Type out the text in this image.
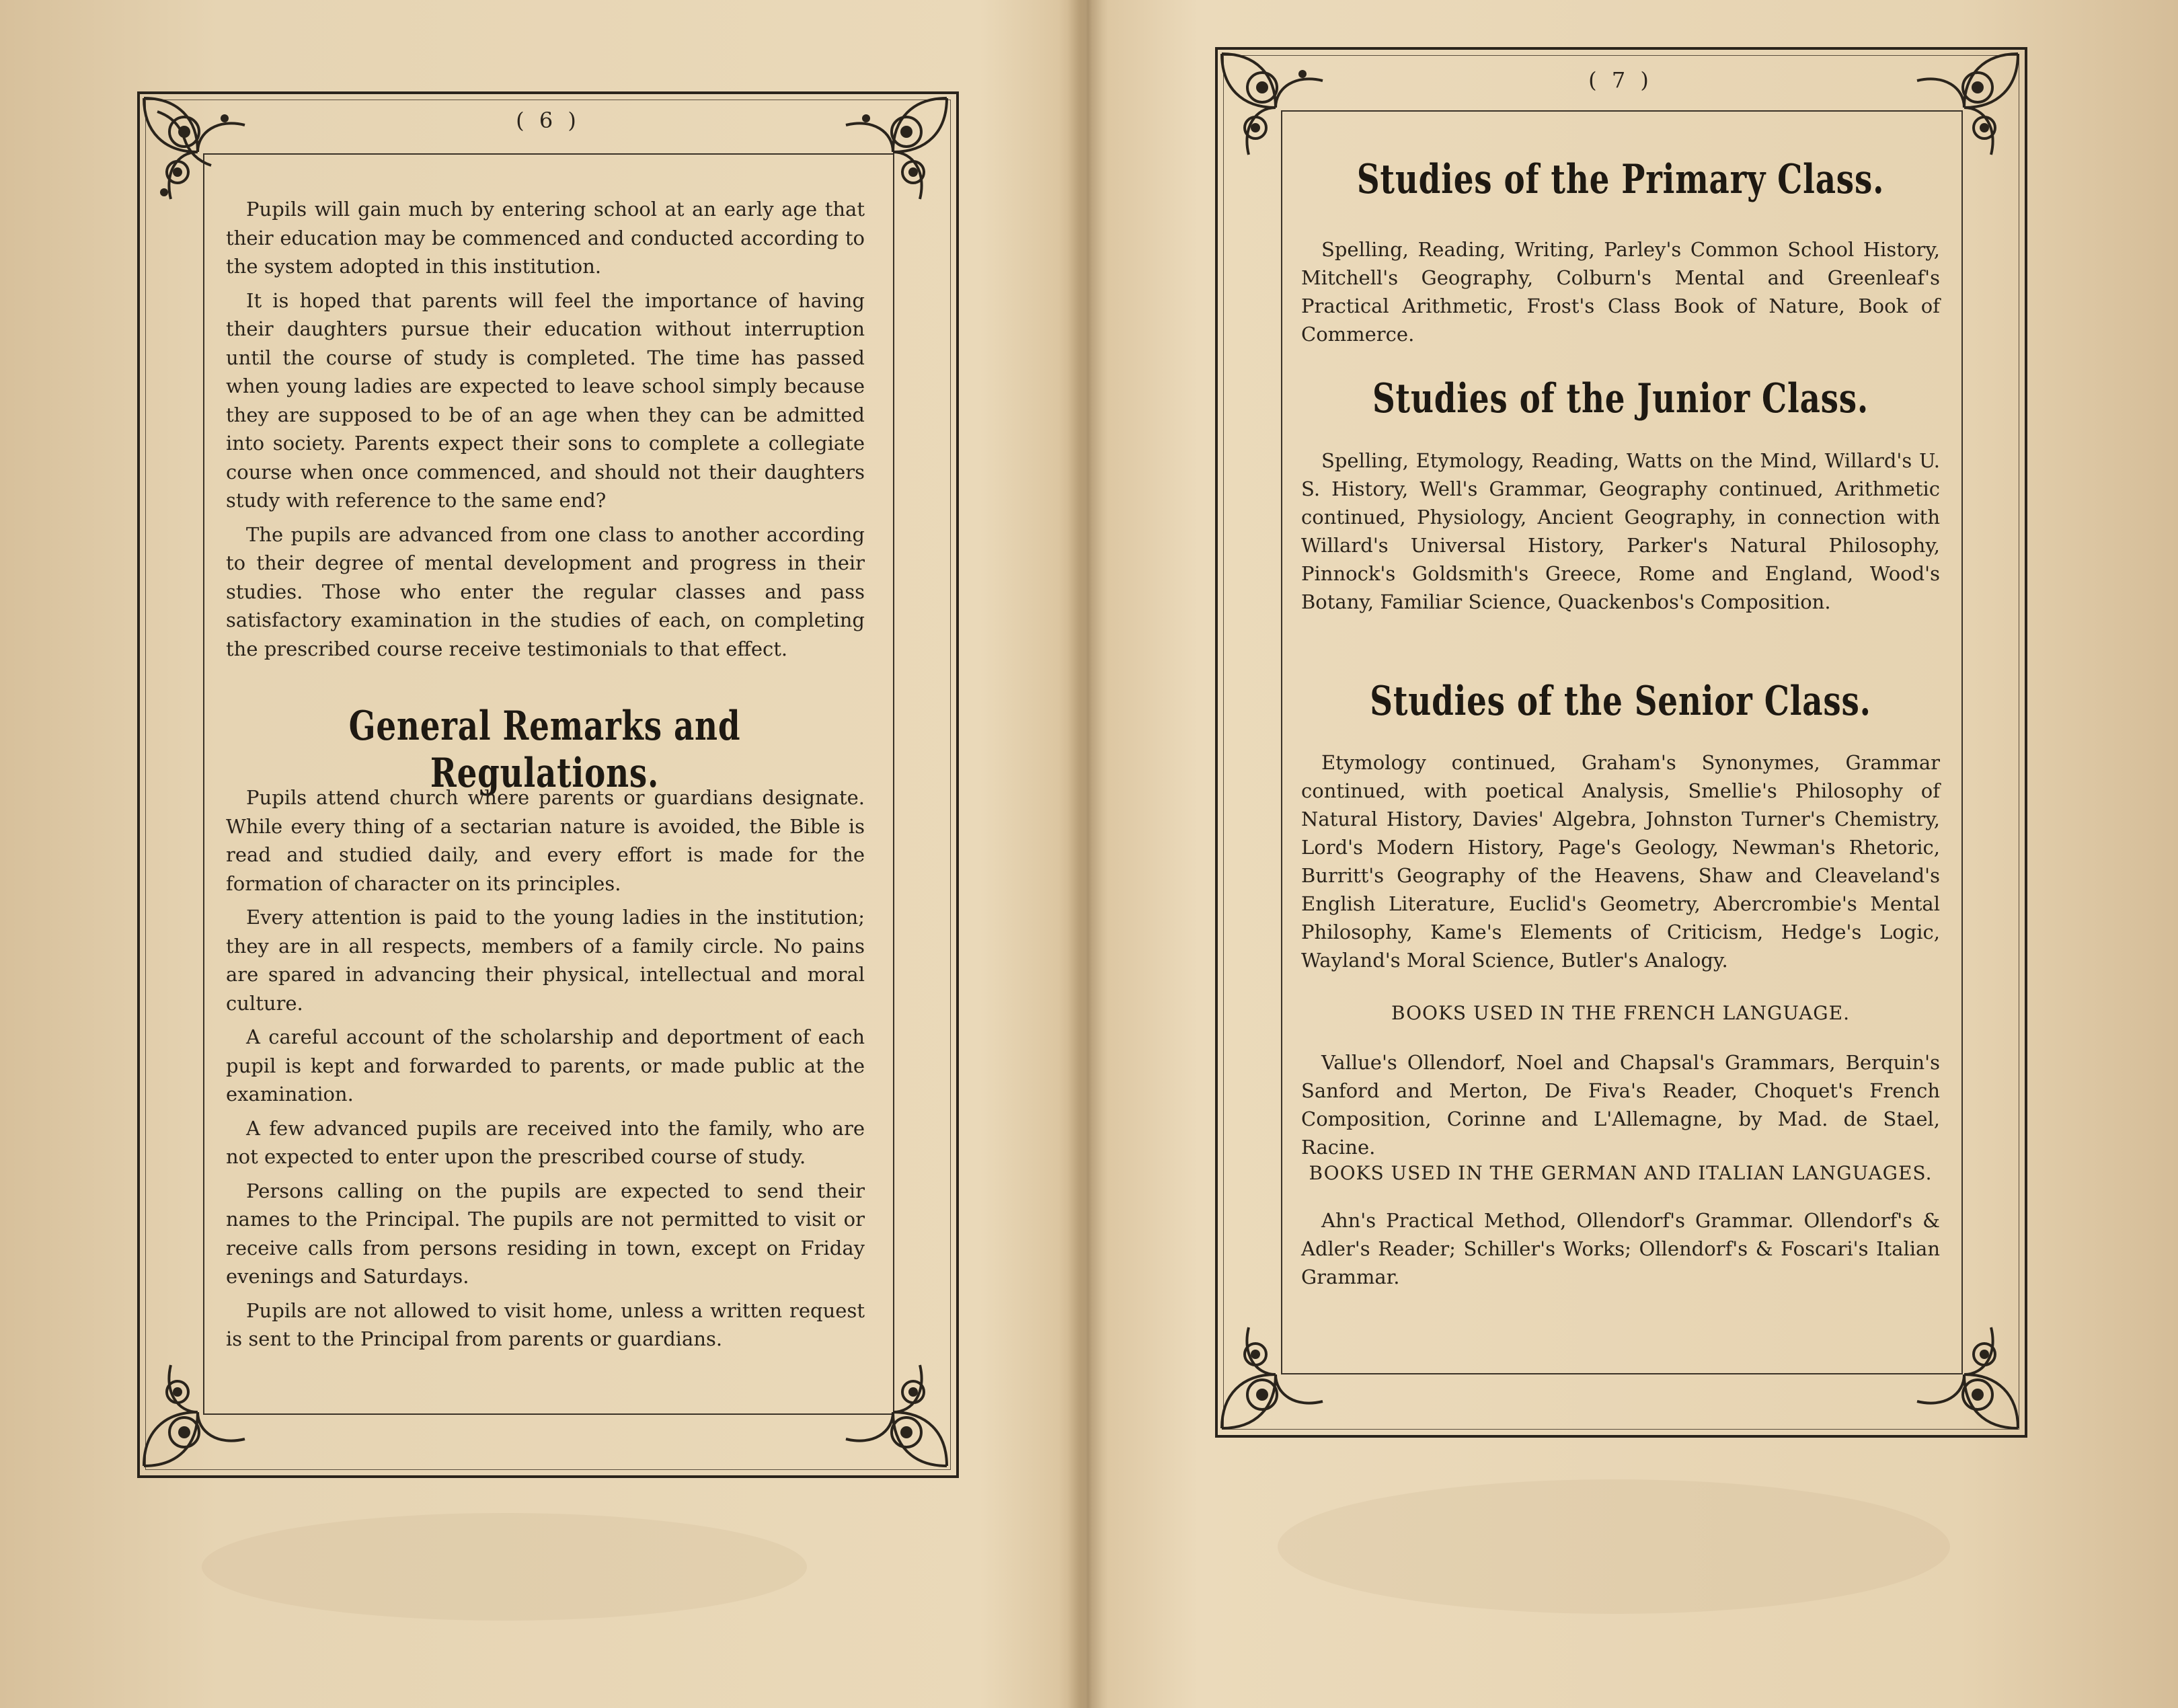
( 6 )

Pupils will gain much by entering school at an early age that their education may be commenced and conducted according to the system adopted in this institution.

It is hoped that parents will feel the importance of having their daughters pursue their education without interruption until the course of study is completed. The time has passed when young ladies are expected to leave school simply because they are supposed to be of an age when they can be admitted into society. Parents expect their sons to complete a collegiate course when once commenced, and should not their daughters study with reference to the same end?

The pupils are advanced from one class to another according to their degree of mental development and progress in their studies. Those who enter the regular classes and pass satisfactory examination in the studies of each, on completing the prescribed course receive testimonials to that effect.

General Remarks and Regulations.

Pupils attend church where parents or guardians designate. While every thing of a sectarian nature is avoided, the Bible is read and studied daily, and every effort is made for the formation of character on its principles.

Every attention is paid to the young ladies in the institution; they are in all respects, members of a family circle. No pains are spared in advancing their physical, intellectual and moral culture.

A careful account of the scholarship and deportment of each pupil is kept and forwarded to parents, or made public at the examination.

A few advanced pupils are received into the family, who are not expected to enter upon the prescribed course of study.

Persons calling on the pupils are expected to send their names to the Principal. The pupils are not permitted to visit or receive calls from persons residing in town, except on Friday evenings and Saturdays.

Pupils are not allowed to visit home, unless a written request is sent to the Principal from parents or guardians.

( 7 )
Studies of the Primary Class.
Spelling, Reading, Writing, Parley's Common School History, Mitchell's Geography, Colburn's Mental and Greenleaf's Practical Arithmetic, Frost's Class Book of Nature, Book of Commerce.
Studies of the Junior Class.
Spelling, Etymology, Reading, Watts on the Mind, Willard's U. S. History, Well's Grammar, Geography continued, Arithmetic continued, Physiology, Ancient Geography, in connection with Willard's Universal History, Parker's Natural Philosophy, Pinnock's Goldsmith's Greece, Rome and England, Wood's Botany, Familiar Science, Quackenbos's Composition.
Studies of the Senior Class.
Etymology continued, Graham's Synonymes, Grammar continued, with poetical Analysis, Smellie's Philosophy of Natural History, Davies' Algebra, Johnston Turner's Chemistry, Lord's Modern History, Page's Geology, Newman's Rhetoric, Burritt's Geography of the Heavens, Shaw and Cleaveland's English Literature, Euclid's Geometry, Abercrombie's Mental Philosophy, Kame's Elements of Criticism, Hedge's Logic, Wayland's Moral Science, Butler's Analogy.
BOOKS USED IN THE FRENCH LANGUAGE.
Vallue's Ollendorf, Noel and Chapsal's Grammars, Berquin's Sanford and Merton, De Fiva's Reader, Choquet's French Composition, Corinne and L'Allemagne, by Mad. de Stael, Racine.
BOOKS USED IN THE GERMAN AND ITALIAN LANGUAGES.
Ahn's Practical Method, Ollendorf's Grammar. Ollendorf's & Adler's Reader; Schiller's Works; Ollendorf's & Foscari's Italian Grammar.
